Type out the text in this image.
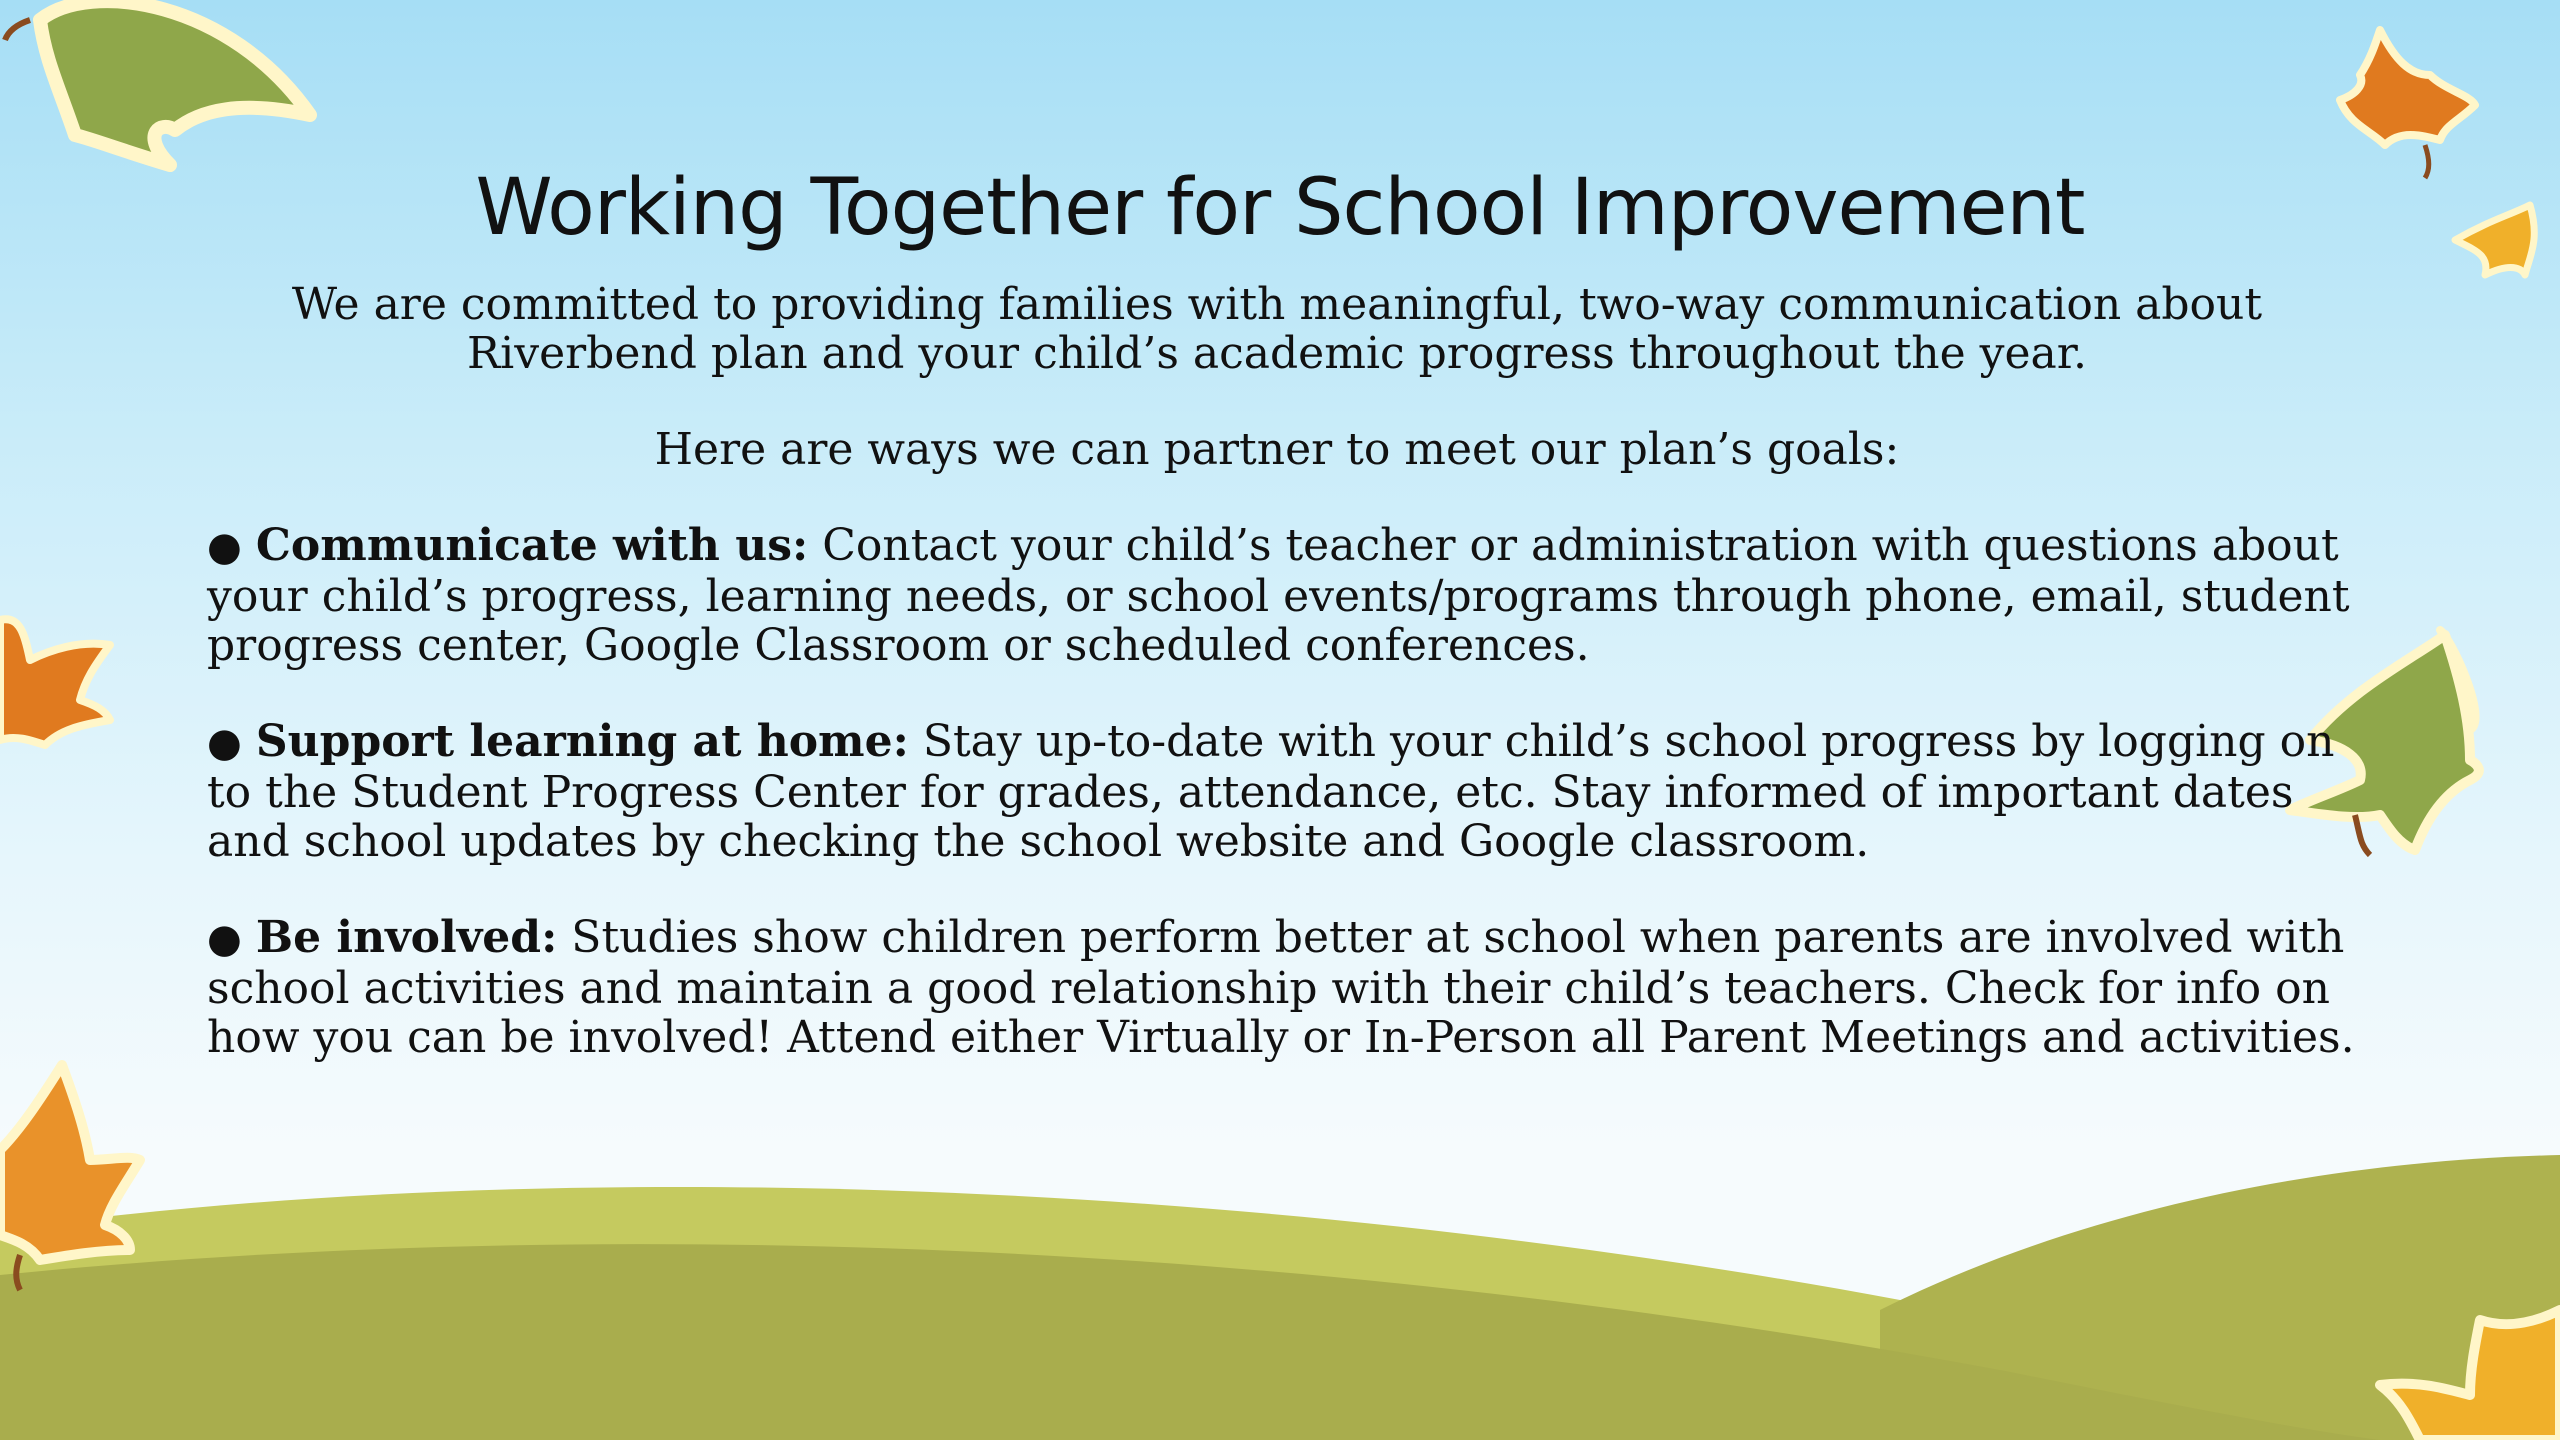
Working Together for School Improvement

We are committed to providing families with meaningful, two-way communication about
Riverbend plan and your child’s academic progress throughout the year.

Here are ways we can partner to meet our plan’s goals:

● Communicate with us: Contact your child’s teacher or administration with questions about your child’s progress, learning needs, or school events/programs through phone, email, student progress center, Google Classroom or scheduled conferences.

● Support learning at home: Stay up-to-date with your child’s school progress by logging on to the Student Progress Center for grades, attendance, etc. Stay informed of important dates and school updates by checking the school website and Google classroom.

● Be involved: Studies show children perform better at school when parents are involved with school activities and maintain a good relationship with their child’s teachers. Check for info on how you can be involved! Attend either Virtually or In-Person all Parent Meetings and activities.
